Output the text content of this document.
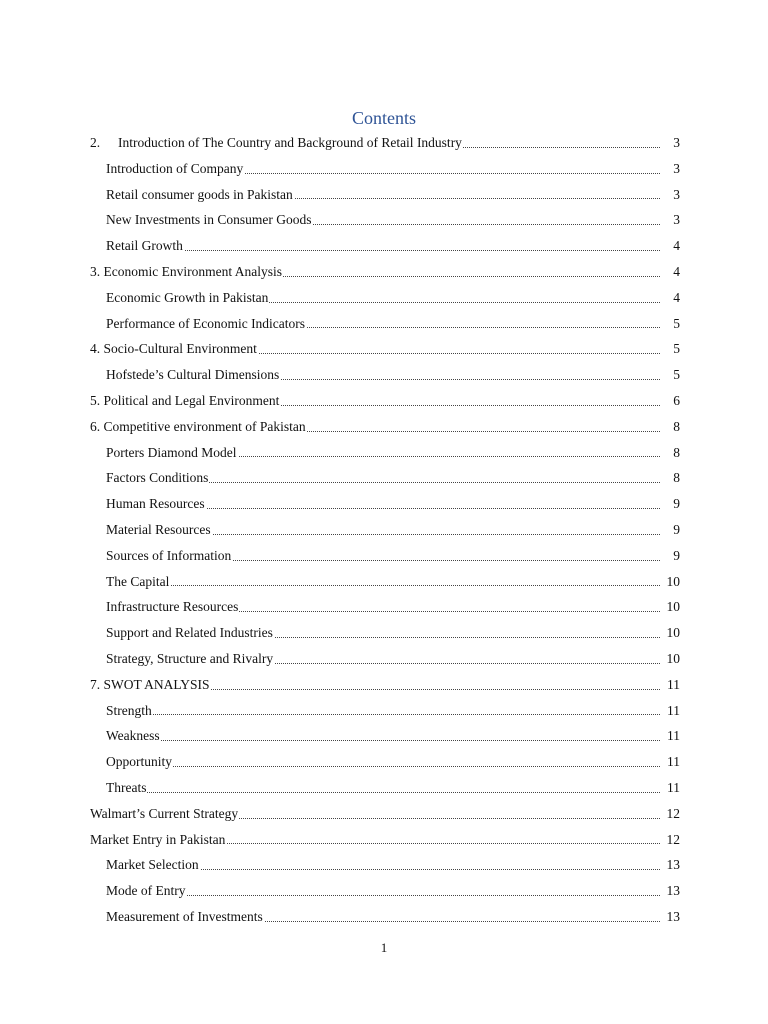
Contents
2. Introduction of The Country and Background of Retail Industry	3
Introduction of Company	3
Retail consumer goods in Pakistan	3
New Investments in Consumer Goods	3
Retail Growth	4
3. Economic Environment Analysis	4
Economic Growth in Pakistan	4
Performance of Economic Indicators	5
4. Socio-Cultural Environment	5
Hofstede’s Cultural Dimensions	5
5. Political and Legal Environment	6
6. Competitive environment of Pakistan	8
Porters Diamond Model	8
Factors Conditions	8
Human Resources	9
Material Resources	9
Sources of Information	9
The Capital	10
Infrastructure Resources	10
Support and Related Industries	10
Strategy, Structure and Rivalry	10
7. SWOT ANALYSIS	11
Strength	11
Weakness	11
Opportunity	11
Threats	11
Walmart’s Current Strategy	12
Market Entry in Pakistan	12
Market Selection	13
Mode of Entry	13
Measurement of Investments	13
1
